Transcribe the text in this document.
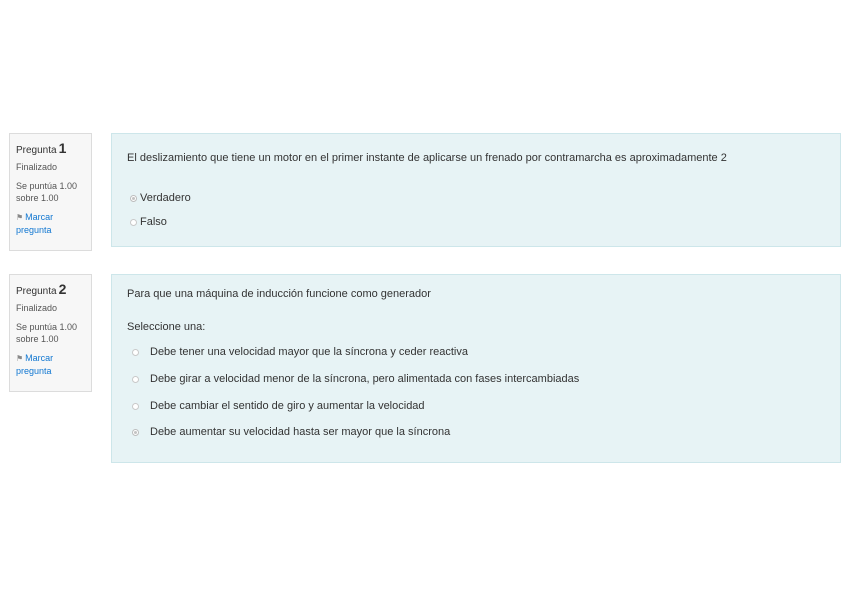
Pregunta 1

Finalizado
Se puntúa 1.00 sobre 1.00
⚑ Marcar pregunta
El deslizamiento que tiene un motor en el primer instante de aplicarse un frenado por contramarcha es aproximadamente 2
Verdadero
Falso

Pregunta 2

Finalizado
Se puntúa 1.00 sobre 1.00
⚑ Marcar pregunta
Para que una máquina de inducción funcione como generador
Seleccione una:
Debe tener una velocidad mayor que la síncrona y ceder reactiva
Debe girar a velocidad menor de la síncrona, pero alimentada con fases intercambiadas
Debe cambiar el sentido de giro y aumentar la velocidad
Debe aumentar su velocidad hasta ser mayor que la síncrona
